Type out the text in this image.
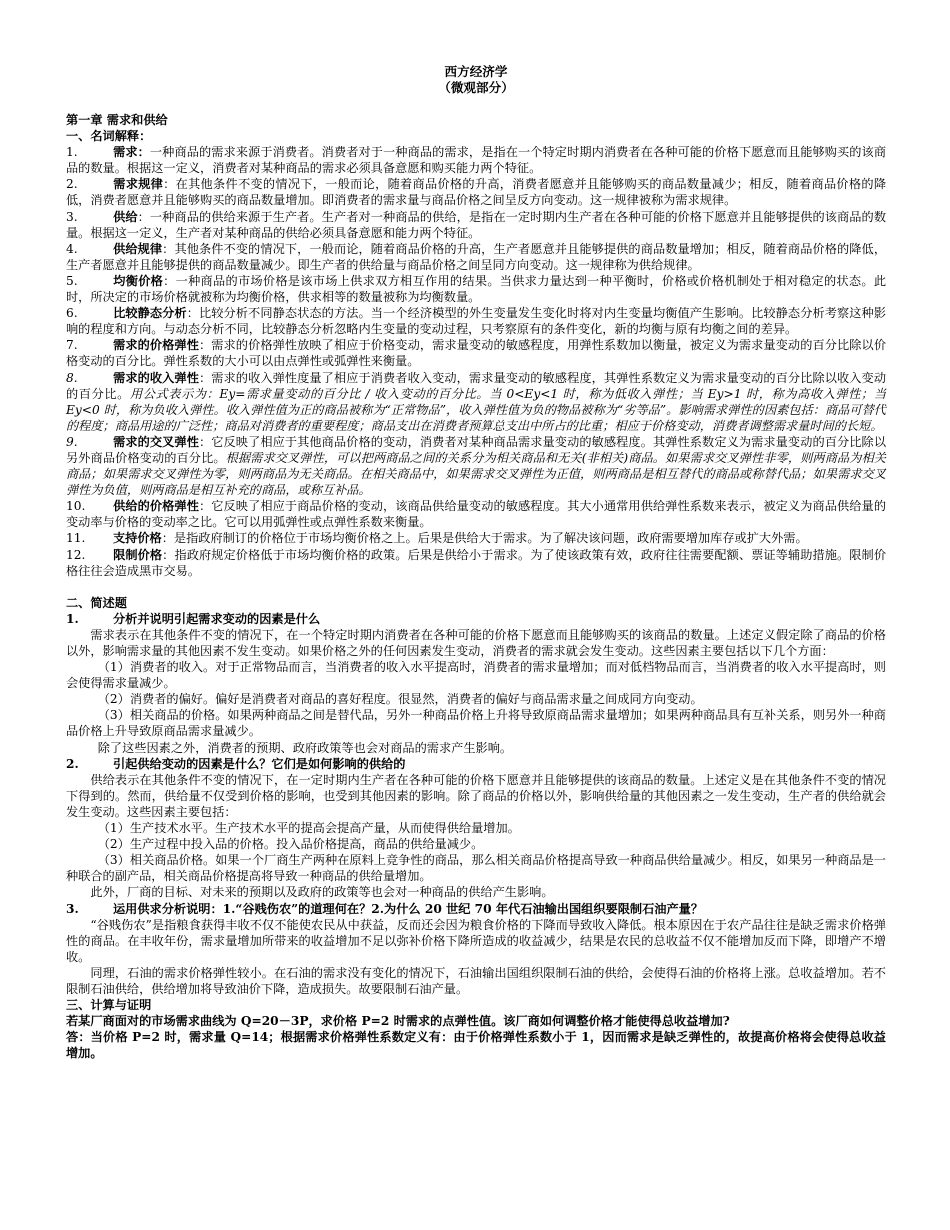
西方经济学
（微观部分）
第一章 需求和供给
一、名词解释：

1.	需求：一种商品的需求来源于消费者。消费者对于一种商品的需求，是指在一个特定时期内消费者在各种可能的价格下愿意而且能够购买的该商品的数量。根据这一定义，消费者对某种商品的需求必须具备意愿和购买能力两个特征。

2.	需求规律：在其他条件不变的情况下，一般而论，随着商品价格的升高，消费者愿意并且能够购买的商品数量减少；相反，随着商品价格的降低，消费者愿意并且能够购买的商品数量增加。即消费者的需求量与商品价格之间呈反方向变动。这一规律被称为需求规律。

3.	供给：一种商品的供给来源于生产者。生产者对一种商品的供给，是指在一定时期内生产者在各种可能的价格下愿意并且能够提供的该商品的数量。根据这一定义，生产者对某种商品的供给必须具备意愿和能力两个特征。

4.	供给规律：其他条件不变的情况下，一般而论，随着商品价格的升高，生产者愿意并且能够提供的商品数量增加；相反，随着商品价格的降低，生产者愿意并且能够提供的商品数量减少。即生产者的供给量与商品价格之间呈同方向变动。这一规律称为供给规律。

5.	均衡价格：一种商品的市场价格是该市场上供求双方相互作用的结果。当供求力量达到一种平衡时，价格或价格机制处于相对稳定的状态。此时，所决定的市场价格就被称为均衡价格，供求相等的数量被称为均衡数量。

6.	比较静态分析：比较分析不同静态状态的方法。当一个经济模型的外生变量发生变化时将对内生变量均衡值产生影响。比较静态分析考察这种影响的程度和方向。与动态分析不同，比较静态分析忽略内生变量的变动过程，只考察原有的条件变化，新的均衡与原有均衡之间的差异。

7.	需求的价格弹性：需求的价格弹性放映了相应于价格变动，需求量变动的敏感程度，用弹性系数加以衡量，被定义为需求量变动的百分比除以价格变动的百分比。弹性系数的大小可以由点弹性或弧弹性来衡量。

8.	需求的收入弹性：需求的收入弹性度量了相应于消费者收入变动，需求量变动的敏感程度，其弹性系数定义为需求量变动的百分比除以收入变动的百分比。用公式表示为：Ey=需求量变动的百分比 / 收入变动的百分比。当 0<Ey<1 时，称为低收入弹性；当 Ey>1 时，称为高收入弹性；当 Ey<0 时，称为负收入弹性。收入弹性值为正的商品被称为“正常物品”，收入弹性值为负的物品被称为“劣等品”。影响需求弹性的因素包括：商品可替代的程度；商品用途的广泛性；商品对消费者的重要程度；商品支出在消费者预算总支出中所占的比重；相应于价格变动，消费者调整需求量时间的长短。

9.	需求的交叉弹性：它反映了相应于其他商品价格的变动，消费者对某种商品需求量变动的敏感程度。其弹性系数定义为需求量变动的百分比除以另外商品价格变动的百分比。根据需求交叉弹性，可以把两商品之间的关系分为相关商品和无关(非相关)商品。如果需求交叉弹性非零，则两商品为相关商品；如果需求交叉弹性为零，则两商品为无关商品。在相关商品中，如果需求交叉弹性为正值，则两商品是相互替代的商品或称替代品；如果需求交叉弹性为负值，则两商品是相互补充的商品，或称互补品。

10. 供给的价格弹性：它反映了相应于商品价格的变动，该商品供给量变动的敏感程度。其大小通常用供给弹性系数来表示，被定义为商品供给量的变动率与价格的变动率之比。它可以用弧弹性或点弹性系数来衡量。

11. 支持价格：是指政府制订的价格位于市场均衡价格之上。后果是供给大于需求。为了解决该问题，政府需要增加库存或扩大外需。

12. 限制价格：指政府规定价格低于市场均衡价格的政策。后果是供给小于需求。为了使该政策有效，政府往往需要配额、票证等辅助措施。限制价格往往会造成黑市交易。

二、简述题

1.	分析并说明引起需求变动的因素是什么

需求表示在其他条件不变的情况下，在一个特定时期内消费者在各种可能的价格下愿意而且能够购买的该商品的数量。上述定义假定除了商品的价格以外，影响需求量的其他因素不发生变动。如果价格之外的任何因素发生变动，消费者的需求就会发生变动。这些因素主要包括以下几个方面：

（1）消费者的收入。对于正常物品而言，当消费者的收入水平提高时，消费者的需求量增加；而对低档物品而言，当消费者的收入水平提高时，则会使得需求量减少。

（2）消费者的偏好。偏好是消费者对商品的喜好程度。很显然，消费者的偏好与商品需求量之间成同方向变动。

（3）相关商品的价格。如果两种商品之间是替代品，另外一种商品价格上升将导致原商品需求量增加；如果两种商品具有互补关系，则另外一种商品价格上升导致原商品需求量减少。

除了这些因素之外，消费者的预期、政府政策等也会对商品的需求产生影响。

2.	引起供给变动的因素是什么？它们是如何影响的供给的

供给表示在其他条件不变的情况下，在一定时期内生产者在各种可能的价格下愿意并且能够提供的该商品的数量。上述定义是在其他条件不变的情况下得到的。然而，供给量不仅受到价格的影响，也受到其他因素的影响。除了商品的价格以外，影响供给量的其他因素之一发生变动，生产者的供给就会发生变动。这些因素主要包括：

（1）生产技术水平。生产技术水平的提高会提高产量，从而使得供给量增加。

（2）生产过程中投入品的价格。投入品价格提高，商品的供给量减少。

（3）相关商品价格。如果一个厂商生产两种在原料上竞争性的商品，那么相关商品价格提高导致一种商品供给量减少。相反，如果另一种商品是一种联合的副产品，相关商品价格提高将导致一种商品的供给量增加。

此外，厂商的目标、对未来的预期以及政府的政策等也会对一种商品的供给产生影响。

3.	运用供求分析说明：1.“谷贱伤农”的道理何在？2.为什么 20 世纪 70 年代石油输出国组织要限制石油产量？

“谷贱伤农”是指粮食获得丰收不仅不能使农民从中获益，反而还会因为粮食价格的下降而导致收入降低。根本原因在于农产品往往是缺乏需求价格弹性的商品。在丰收年份，需求量增加所带来的收益增加不足以弥补价格下降所造成的收益减少，结果是农民的总收益不仅不能增加反而下降，即增产不增收。

同理，石油的需求价格弹性较小。在石油的需求没有变化的情况下，石油输出国组织限制石油的供给，会使得石油的价格将上涨。总收益增加。若不限制石油供给，供给增加将导致油价下降，造成损失。故要限制石油产量。

三、计算与证明

若某厂商面对的市场需求曲线为 Q=20－3P，求价格 P=2 时需求的点弹性值。该厂商如何调整价格才能使得总收益增加?

答：当价格 P=2 时，需求量 Q=14；根据需求价格弹性系数定义有：由于价格弹性系数小于 1，因而需求是缺乏弹性的，故提高价格将会使得总收益增加。
